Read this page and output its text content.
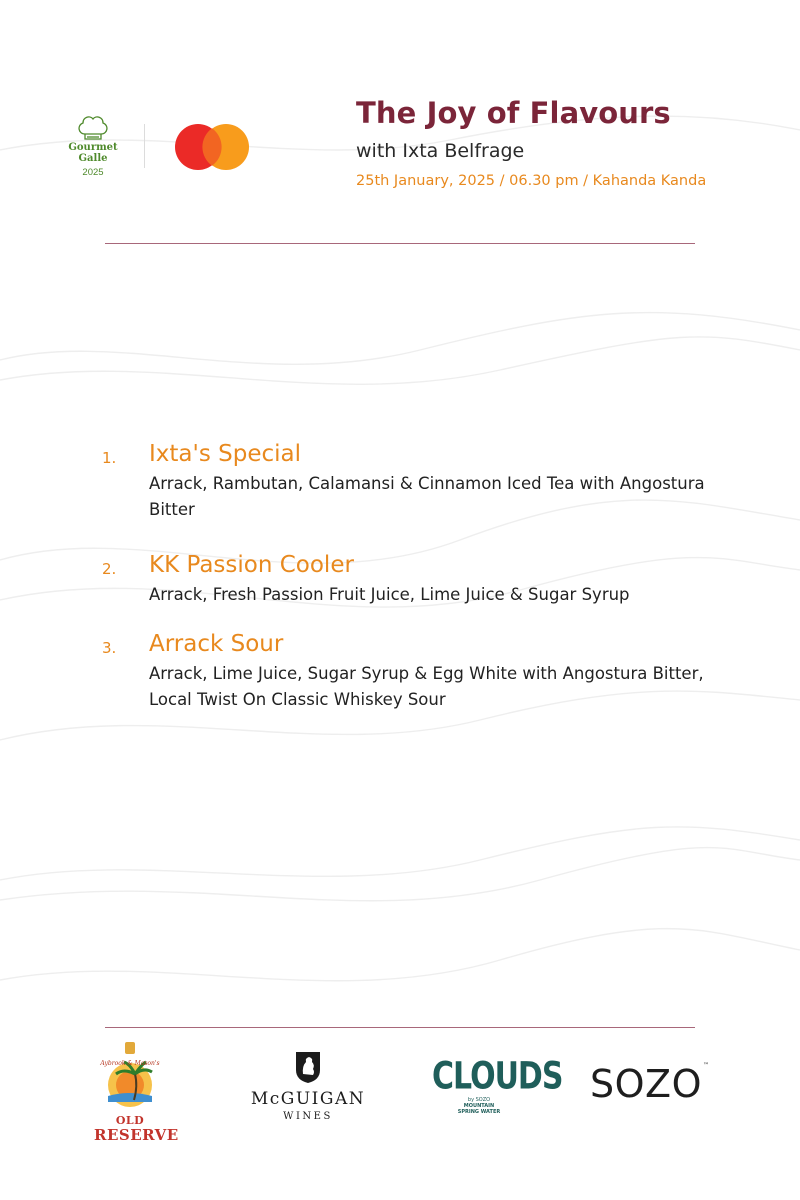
Gourmet
Galle
2025
The Joy of Flavours
with Ixta Belfrage
25th January, 2025 / 06.30 pm / Kahanda Kanda
1. Ixta's Special
Arrack, Rambutan, Calamansi & Cinnamon Iced Tea with Angostura Bitter
2. KK Passion Cooler
Arrack, Fresh Passion Fruit Juice, Lime Juice & Sugar Syrup
3. Arrack Sour
Arrack, Lime Juice, Sugar Syrup & Egg White with Angostura Bitter, Local Twist On Classic Whiskey Sour
Aybrook & Mason's
OLD
RESERVE
McGUIGAN
WINES
CLOUDS
by SOZO
MOUNTAIN
SPRING WATER
SOZO ™
